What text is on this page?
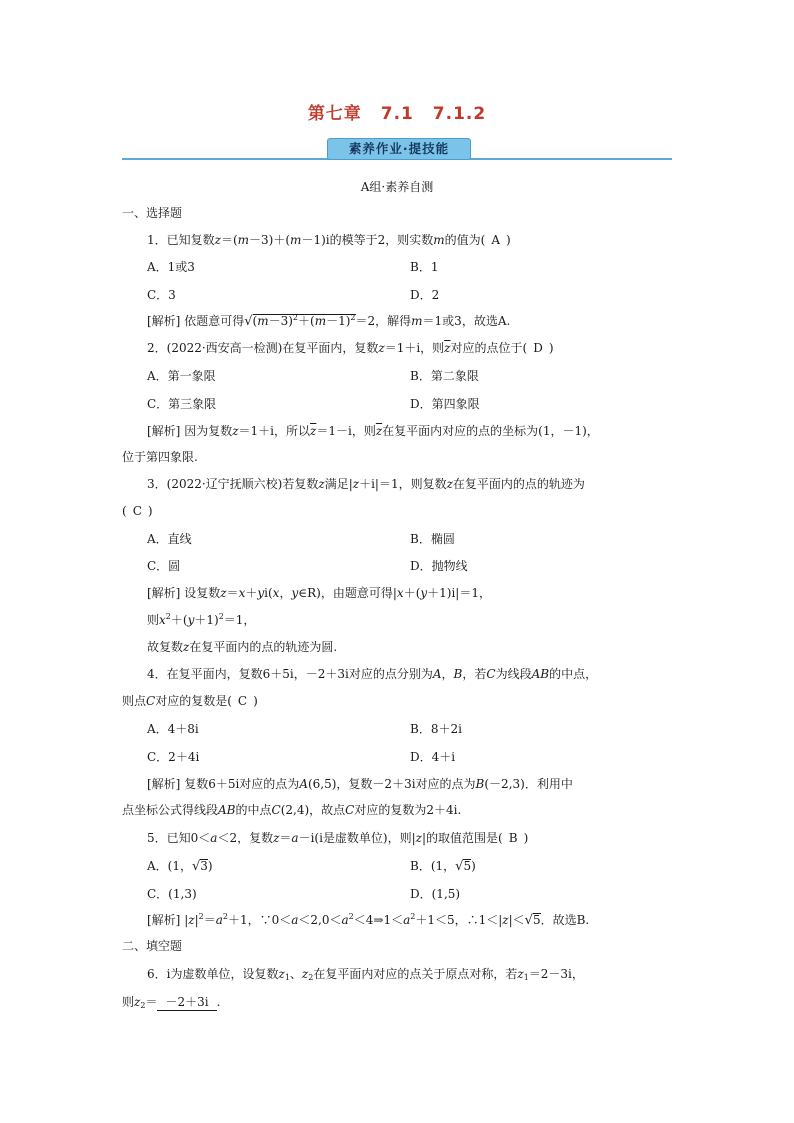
第七章 7.1 7.1.2
素养作业·提技能
A组·素养自测
一、选择题
1．已知复数z＝(m－3)＋(m－1)i的模等于2，则实数m的值为( A )
A．1或3	B．1
C．3	D．2
[解析] 依题意可得$√(m-3)^2+(m-1)^2=2$，解得m＝1或3，故选A.
2．(2022·西安高一检测)在复平面内，复数z＝1＋i，则$\overline{z}$对应的点位于( D )
A．第一象限	B．第二象限
C．第三象限	D．第四象限
[解析] 因为复数z＝1＋i，所以$\overline{z}=1-i$，则$\overline{z}$在复平面内对应的点的坐标为(1，－1)，
位于第四象限.
3．(2022·辽宁抚顺六校)若复数z满足|z＋i|＝1，则复数z在复平面内的点的轨迹为
( C )
A．直线	B．椭圆
C．圆	D．抛物线
[解析] 设复数z＝x＋yi(x，y∈R)，由题意可得|x＋(y＋1)i|＝1，
则$x^2+(y+1)^2=1$，
故复数z在复平面内的点的轨迹为圆.
4．在复平面内，复数6＋5i，－2＋3i对应的点分别为A，B，若C为线段AB的中点，
则点C对应的复数是( C )
A．4＋8i	B．8＋2i
C．2＋4i	D．4＋i
[解析] 复数6＋5i对应的点为A(6,5)，复数－2＋3i对应的点为B(－2,3)．利用中
点坐标公式得线段AB的中点C(2,4)，故点C对应的复数为2＋4i.
5．已知0＜a＜2，复数z＝a－i(i是虚数单位)，则|z|的取值范围是( B )
A．(1，√3)	B．(1，√5)
C．(1,3)	D．(1,5)
[解析] $|z|^2=a^2+1$，$\because 0<a<2,0<a^2<4\Rightarrow 1<a^2+1<5$，∴1＜|z|＜√5．故选B.
二、填空题
6．i为虚数单位，设复数$z_1$、$z_2$在复平面内对应的点关于原点对称，若$z_1=2-3i$，
则$z_2= -2+3i$ .
